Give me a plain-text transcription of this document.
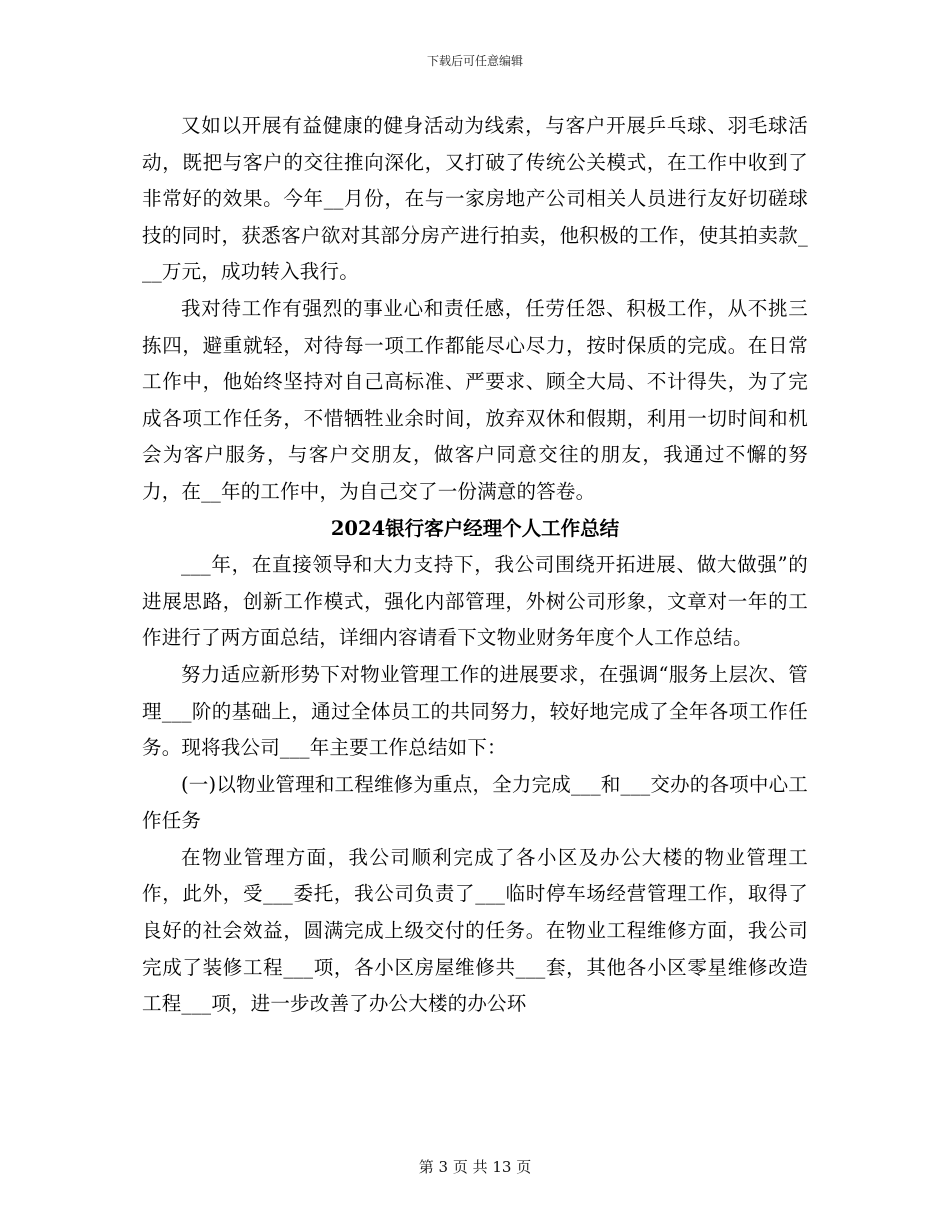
下载后可任意编辑

又如以开展有益健康的健身活动为线索，与客户开展乒乓球、羽毛球活动，既把与客户的交往推向深化，又打破了传统公关模式，在工作中收到了非常好的效果。今年__月份，在与一家房地产公司相关人员进行友好切磋球技的同时，获悉客户欲对其部分房产进行拍卖，他积极的工作，使其拍卖款___万元，成功转入我行。

我对待工作有强烈的事业心和责任感，任劳任怨、积极工作，从不挑三拣四，避重就轻，对待每一项工作都能尽心尽力，按时保质的完成。在日常工作中，他始终坚持对自己高标准、严要求、顾全大局、不计得失，为了完成各项工作任务，不惜牺牲业余时间，放弃双休和假期，利用一切时间和机会为客户服务，与客户交朋友，做客户同意交往的朋友，我通过不懈的努力，在__年的工作中，为自己交了一份满意的答卷。

2024银行客户经理个人工作总结

___年，在直接领导和大力支持下，我公司围绕开拓进展、做大做强”的进展思路，创新工作模式，强化内部管理，外树公司形象，文章对一年的工作进行了两方面总结，详细内容请看下文物业财务年度个人工作总结。

努力适应新形势下对物业管理工作的进展要求，在强调“服务上层次、管理___阶的基础上，通过全体员工的共同努力，较好地完成了全年各项工作任务。现将我公司___年主要工作总结如下：

(一)以物业管理和工程维修为重点，全力完成___和___交办的各项中心工作任务

在物业管理方面，我公司顺利完成了各小区及办公大楼的物业管理工作，此外，受___委托，我公司负责了___临时停车场经营管理工作，取得了良好的社会效益，圆满完成上级交付的任务。在物业工程维修方面，我公司完成了装修工程___项，各小区房屋维修共___套，其他各小区零星维修改造工程___项，进一步改善了办公大楼的办公环

第 3 页 共 13 页
